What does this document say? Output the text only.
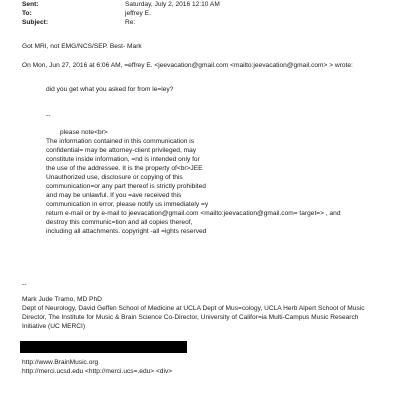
Sent:	Saturday, July 2, 2016 12:10 AM
To:	jeffrey E.
Subject:	Re:
Got MRI, not EMG/NCS/SEP. Best- Mark
On Mon, Jun 27, 2016 at 6:06 AM, =effrey E. <jeevacation@gmail.com <mailto:jeevacation@gmail.com> > wrote:
did you get what you asked for from le=ley?
--
please note<br>
The information contained in this communication is
confidential= may be attorney-client privileged, may
constitute inside information, =nd is intended only for
the use of the addressee. It is the property of<br>JEE
Unauthorized use, disclosure or copying of this
communication=or any part thereof is strictly prohibited
and may be unlawful. If you =ave received this
communication in error, please notify us immediately =y
return e-mail or by e-mail to jeevacation@gmail.com <mailto:jeevacation@gmail.com= target=> , and
destroy this communic=tion and all copies thereof,
including all attachments. copyright -all =ights reserved
--
Mark Jude Tramo, MD PhD
Dept of Neurology, David Geffen School of Medicine at UCLA Dept of Mus=cology, UCLA Herb Alpert School of Music
Director, The Institute for Music & Brain Science Co-Director, University of Califor=ia Multi-Campus Music Research
Initiative (UC MERCI)
http://www.BrainMusic.org
http://merci.ucsd.edu <http://merci.ucs=.edu> <div>
